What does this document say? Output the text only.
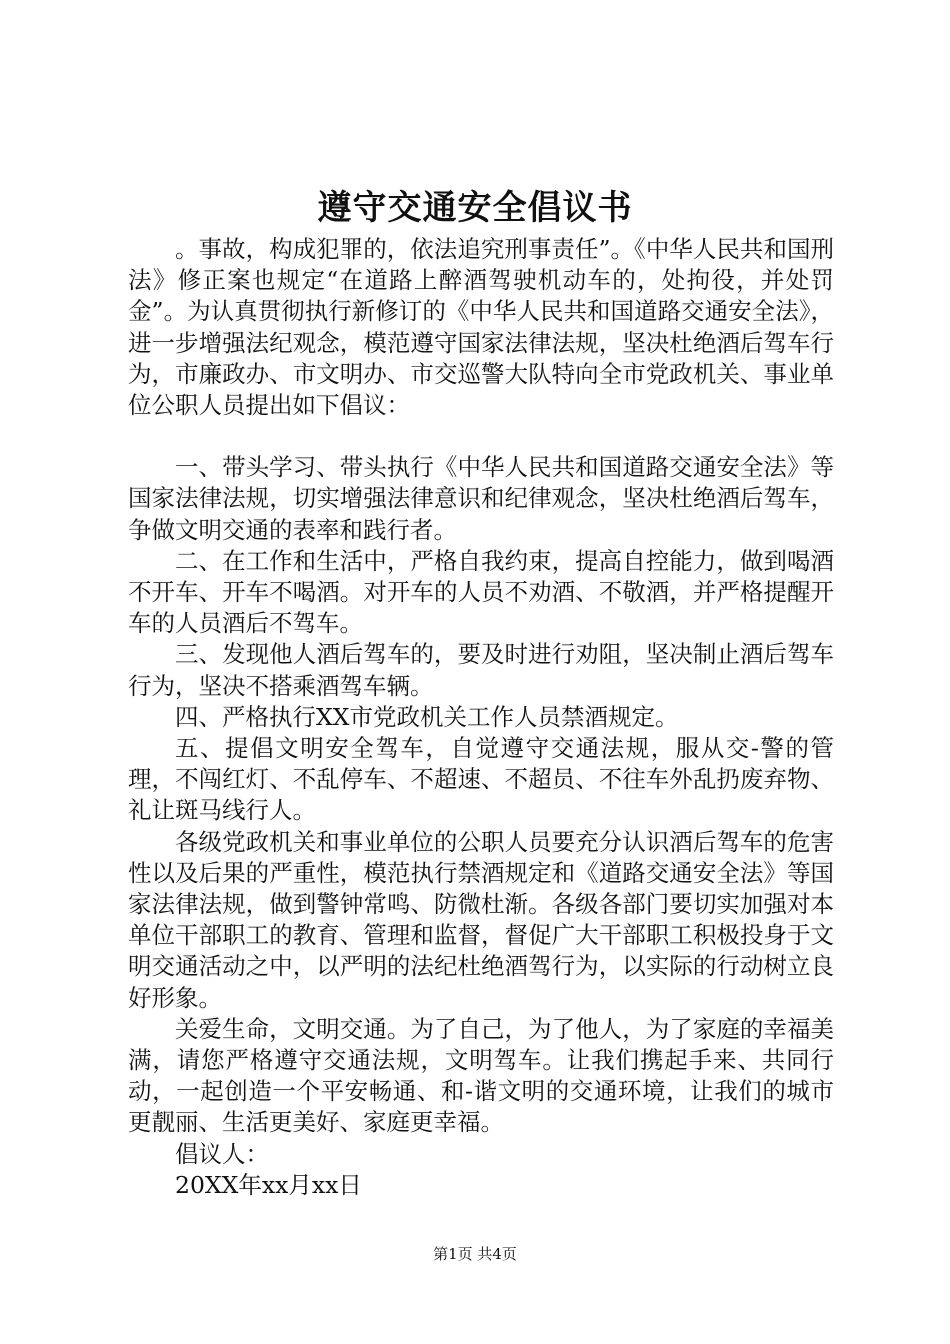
遵守交通安全倡议书

。事故，构成犯罪的，依法追究刑事责任”。《中华人民共和国刑法》修正案也规定“在道路上醉酒驾驶机动车的，处拘役，并处罚金”。为认真贯彻执行新修订的《中华人民共和国道路交通安全法》，进一步增强法纪观念，模范遵守国家法律法规，坚决杜绝酒后驾车行为，市廉政办、市文明办、市交巡警大队特向全市党政机关、事业单位公职人员提出如下倡议：

一、带头学习、带头执行《中华人民共和国道路交通安全法》等国家法律法规，切实增强法律意识和纪律观念，坚决杜绝酒后驾车，争做文明交通的表率和践行者。

二、在工作和生活中，严格自我约束，提高自控能力，做到喝酒不开车、开车不喝酒。对开车的人员不劝酒、不敬酒，并严格提醒开车的人员酒后不驾车。

三、发现他人酒后驾车的，要及时进行劝阻，坚决制止酒后驾车行为，坚决不搭乘酒驾车辆。

四、严格执行XX市党政机关工作人员禁酒规定。

五、提倡文明安全驾车，自觉遵守交通法规，服从交-警的管理，不闯红灯、不乱停车、不超速、不超员、不往车外乱扔废弃物、礼让斑马线行人。

各级党政机关和事业单位的公职人员要充分认识酒后驾车的危害性以及后果的严重性，模范执行禁酒规定和《道路交通安全法》等国家法律法规，做到警钟常鸣、防微杜渐。各级各部门要切实加强对本单位干部职工的教育、管理和监督，督促广大干部职工积极投身于文明交通活动之中，以严明的法纪杜绝酒驾行为，以实际的行动树立良好形象。

关爱生命，文明交通。为了自己，为了他人，为了家庭的幸福美满，请您严格遵守交通法规，文明驾车。让我们携起手来、共同行动，一起创造一个平安畅通、和-谐文明的交通环境，让我们的城市更靓丽、生活更美好、家庭更幸福。

倡议人：

20XX年xx月xx日

第1页 共4页
